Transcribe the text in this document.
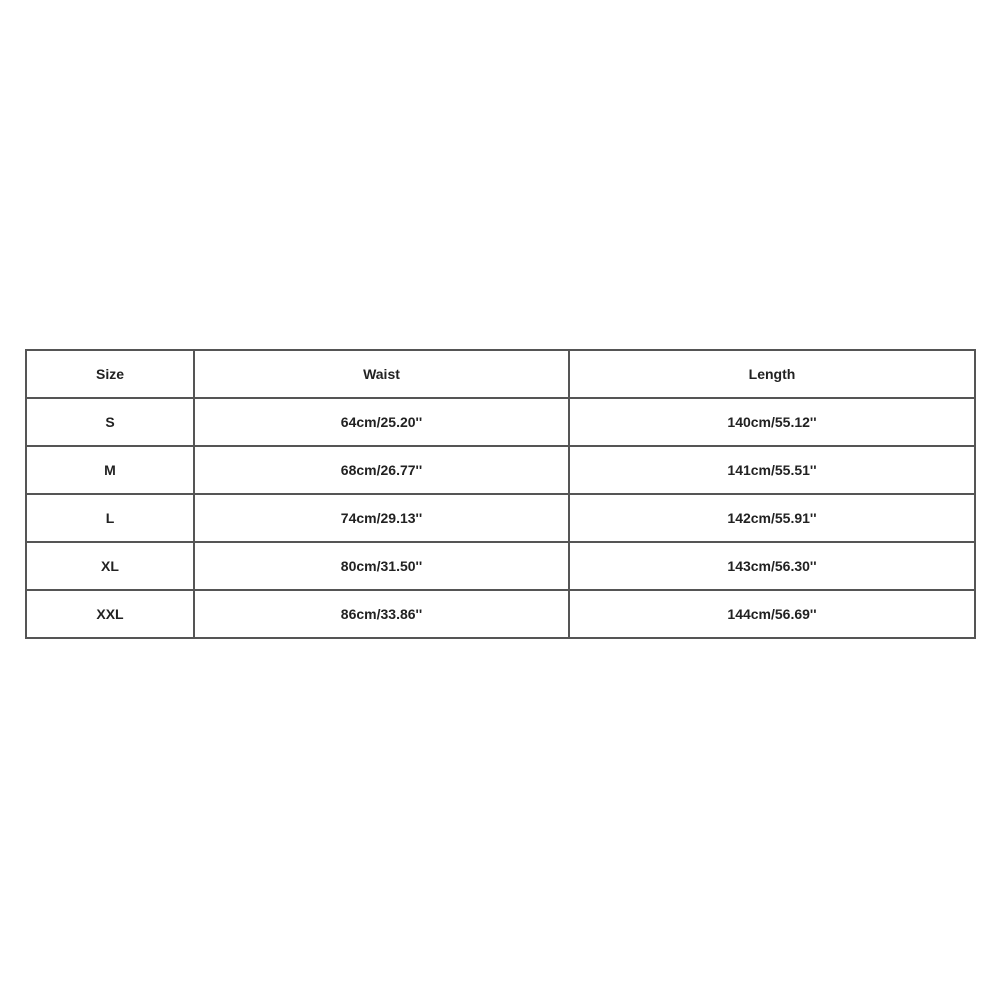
Size	Waist	Length
S	64cm/25.20''	140cm/55.12''
M	68cm/26.77''	141cm/55.51''
L	74cm/29.13''	142cm/55.91''
XL	80cm/31.50''	143cm/56.30''
XXL	86cm/33.86''	144cm/56.69''
